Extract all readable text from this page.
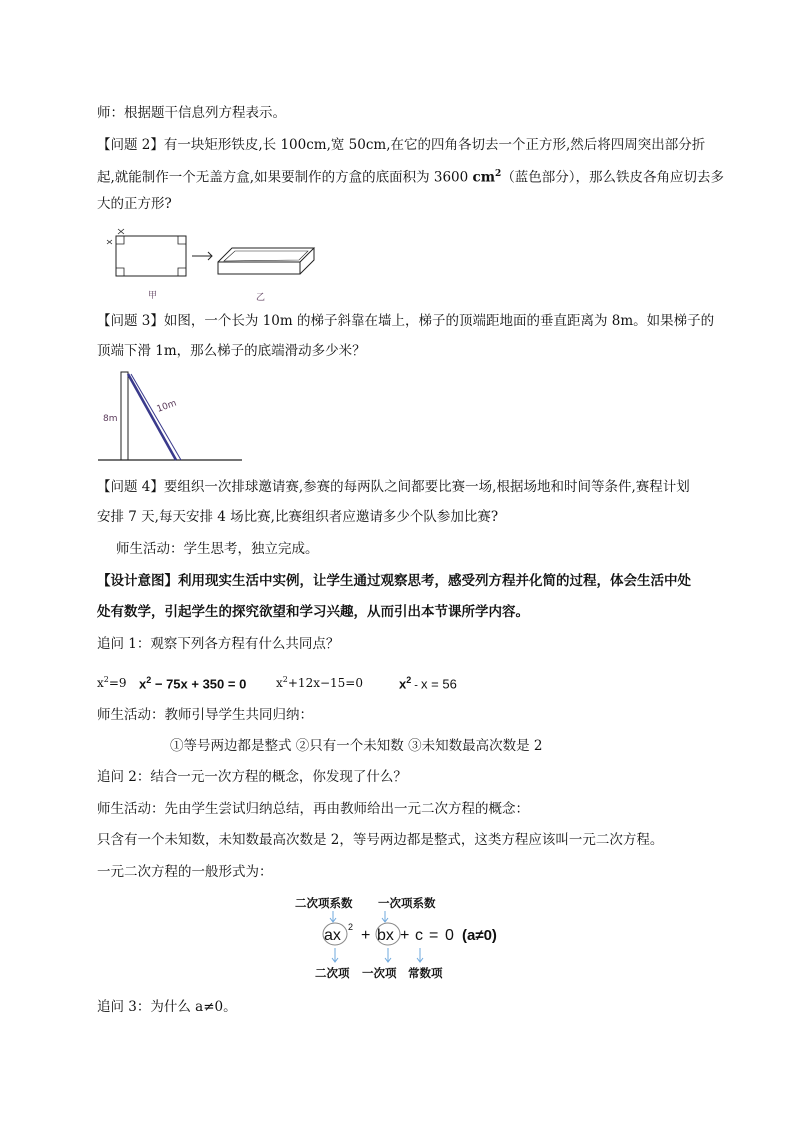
师：根据题干信息列方程表示。
【问题 2】有一块矩形铁皮,长 100cm,宽 50cm,在它的四角各切去一个正方形,然后将四周突出部分折
起,就能制作一个无盖方盒,如果要制作的方盒的底面积为 3600 $cm^2$（蓝色部分），那么铁皮各角应切去多
大的正方形?
甲	乙
【问题 3】如图，一个长为 10m 的梯子斜靠在墙上，梯子的顶端距地面的垂直距离为 8m。如果梯子的
顶端下滑 1m，那么梯子的底端滑动多少米？
8m
10m
【问题 4】要组织一次排球邀请赛,参赛的每两队之间都要比赛一场,根据场地和时间等条件,赛程计划
安排 7 天,每天安排 4 场比赛,比赛组织者应邀请多少个队参加比赛?
师生活动：学生思考，独立完成。
【设计意图】利用现实生活中实例，让学生通过观察思考，感受列方程并化简的过程，体会生活中处
处有数学，引起学生的探究欲望和学习兴趣，从而引出本节课所学内容。
追问 1：观察下列各方程有什么共同点？
$x^2=9$ $x^2 - 75x + 350 = 0$ $x^2+12x-15=0$	$x^2 - x = 56$
师生活动：教师引导学生共同归纳：
①等号两边都是整式 ②只有一个未知数 ③未知数最高次数是 2
追问 2：结合一元一次方程的概念，你发现了什么？
师生活动：先由学生尝试归纳总结，再由教师给出一元二次方程的概念：
只含有一个未知数，未知数最高次数是 2，等号两边都是整式，这类方程应该叫一元二次方程。
一元二次方程的一般形式为：
二次项系数 一次项系数
ax 2 + bx + c = 0 (a≠0)
二次项 一次项 常数项
追问 3：为什么 a≠0。
